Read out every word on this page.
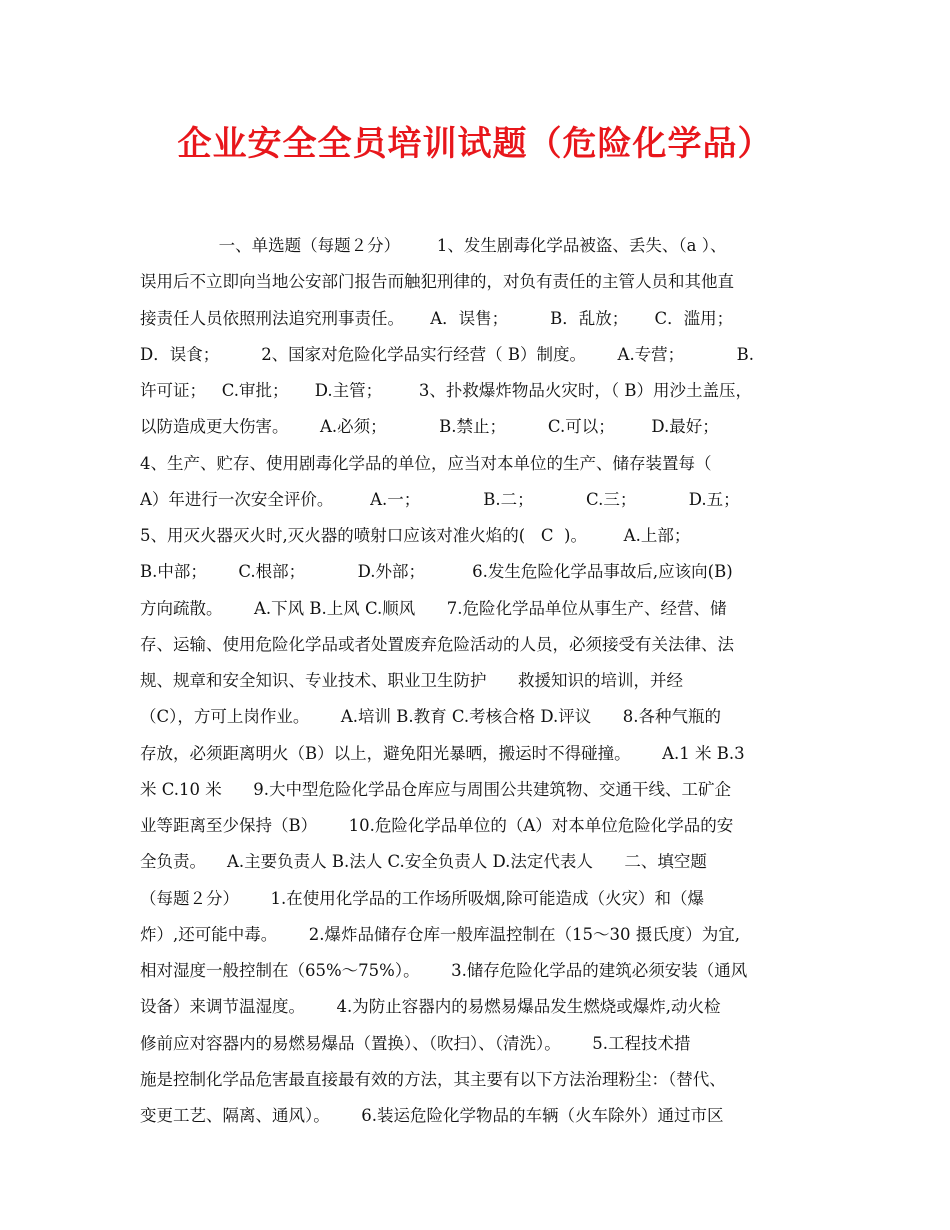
企业安全全员培训试题（危险化学品）
一、单选题（每题２分）       1、发生剧毒化学品被盗、丢失、（a ）、
误用后不立即向当地公安部门报告而触犯刑律的，对负有责任的主管人员和其他直
接责任人员依照刑法追究刑事责任。     A．误售；        B．乱放；     C．滥用；
D．误食；        2、国家对危险化学品实行经营（ B）制度。      A.专营；          B.
许可证；   C.审批；     D.主管；       3、扑救爆炸物品火灾时，（ B）用沙土盖压，
以防造成更大伤害。      A.必须；          B.禁止；        C.可以；       D.最好；
4、生产、贮存、使用剧毒化学品的单位，应当对本单位的生产、储存装置每（
A）年进行一次安全评价。       A.一；            B.二；          C.三；          D.五；
5、用灭火器灭火时,灭火器的喷射口应该对准火焰的(   C  )。       A.上部；
B.中部；      C.根部；          D.外部；         6.发生危险化学品事故后,应该向(B)
方向疏散。      A.下风 B.上风 C.顺风      7.危险化学品单位从事生产、经营、储
存、运输、使用危险化学品或者处置废弃危险活动的人员，必须接受有关法律、法
规、规章和安全知识、专业技术、职业卫生防护      救援知识的培训，并经
（C），方可上岗作业。      A.培训 B.教育 C.考核合格 D.评议      8.各种气瓶的
存放，必须距离明火（B）以上，避免阳光暴晒，搬运时不得碰撞。      A.1 米 B.3
米 C.10 米      9.大中型危险化学品仓库应与周围公共建筑物、交通干线、工矿企
业等距离至少保持（B）      10.危险化学品单位的（A）对本单位危险化学品的安
全负责。    A.主要负责人 B.法人 C.安全负责人 D.法定代表人      二、填空题
（每题２分）      1.在使用化学品的工作场所吸烟,除可能造成（火灾）和（爆
炸）,还可能中毒。      2.爆炸品储存仓库一般库温控制在（15～30 摄氏度）为宜,
相对湿度一般控制在（65%～75%）。      3.储存危险化学品的建筑必须安装（通风
设备）来调节温湿度。      4.为防止容器内的易燃易爆品发生燃烧或爆炸,动火检
修前应对容器内的易燃易爆品（置换）、（吹扫）、（清洗）。      5.工程技术措
施是控制化学品危害最直接最有效的方法，其主要有以下方法治理粉尘：（替代、
变更工艺、隔离、通风）。      6.装运危险化学物品的车辆（火车除外）通过市区
